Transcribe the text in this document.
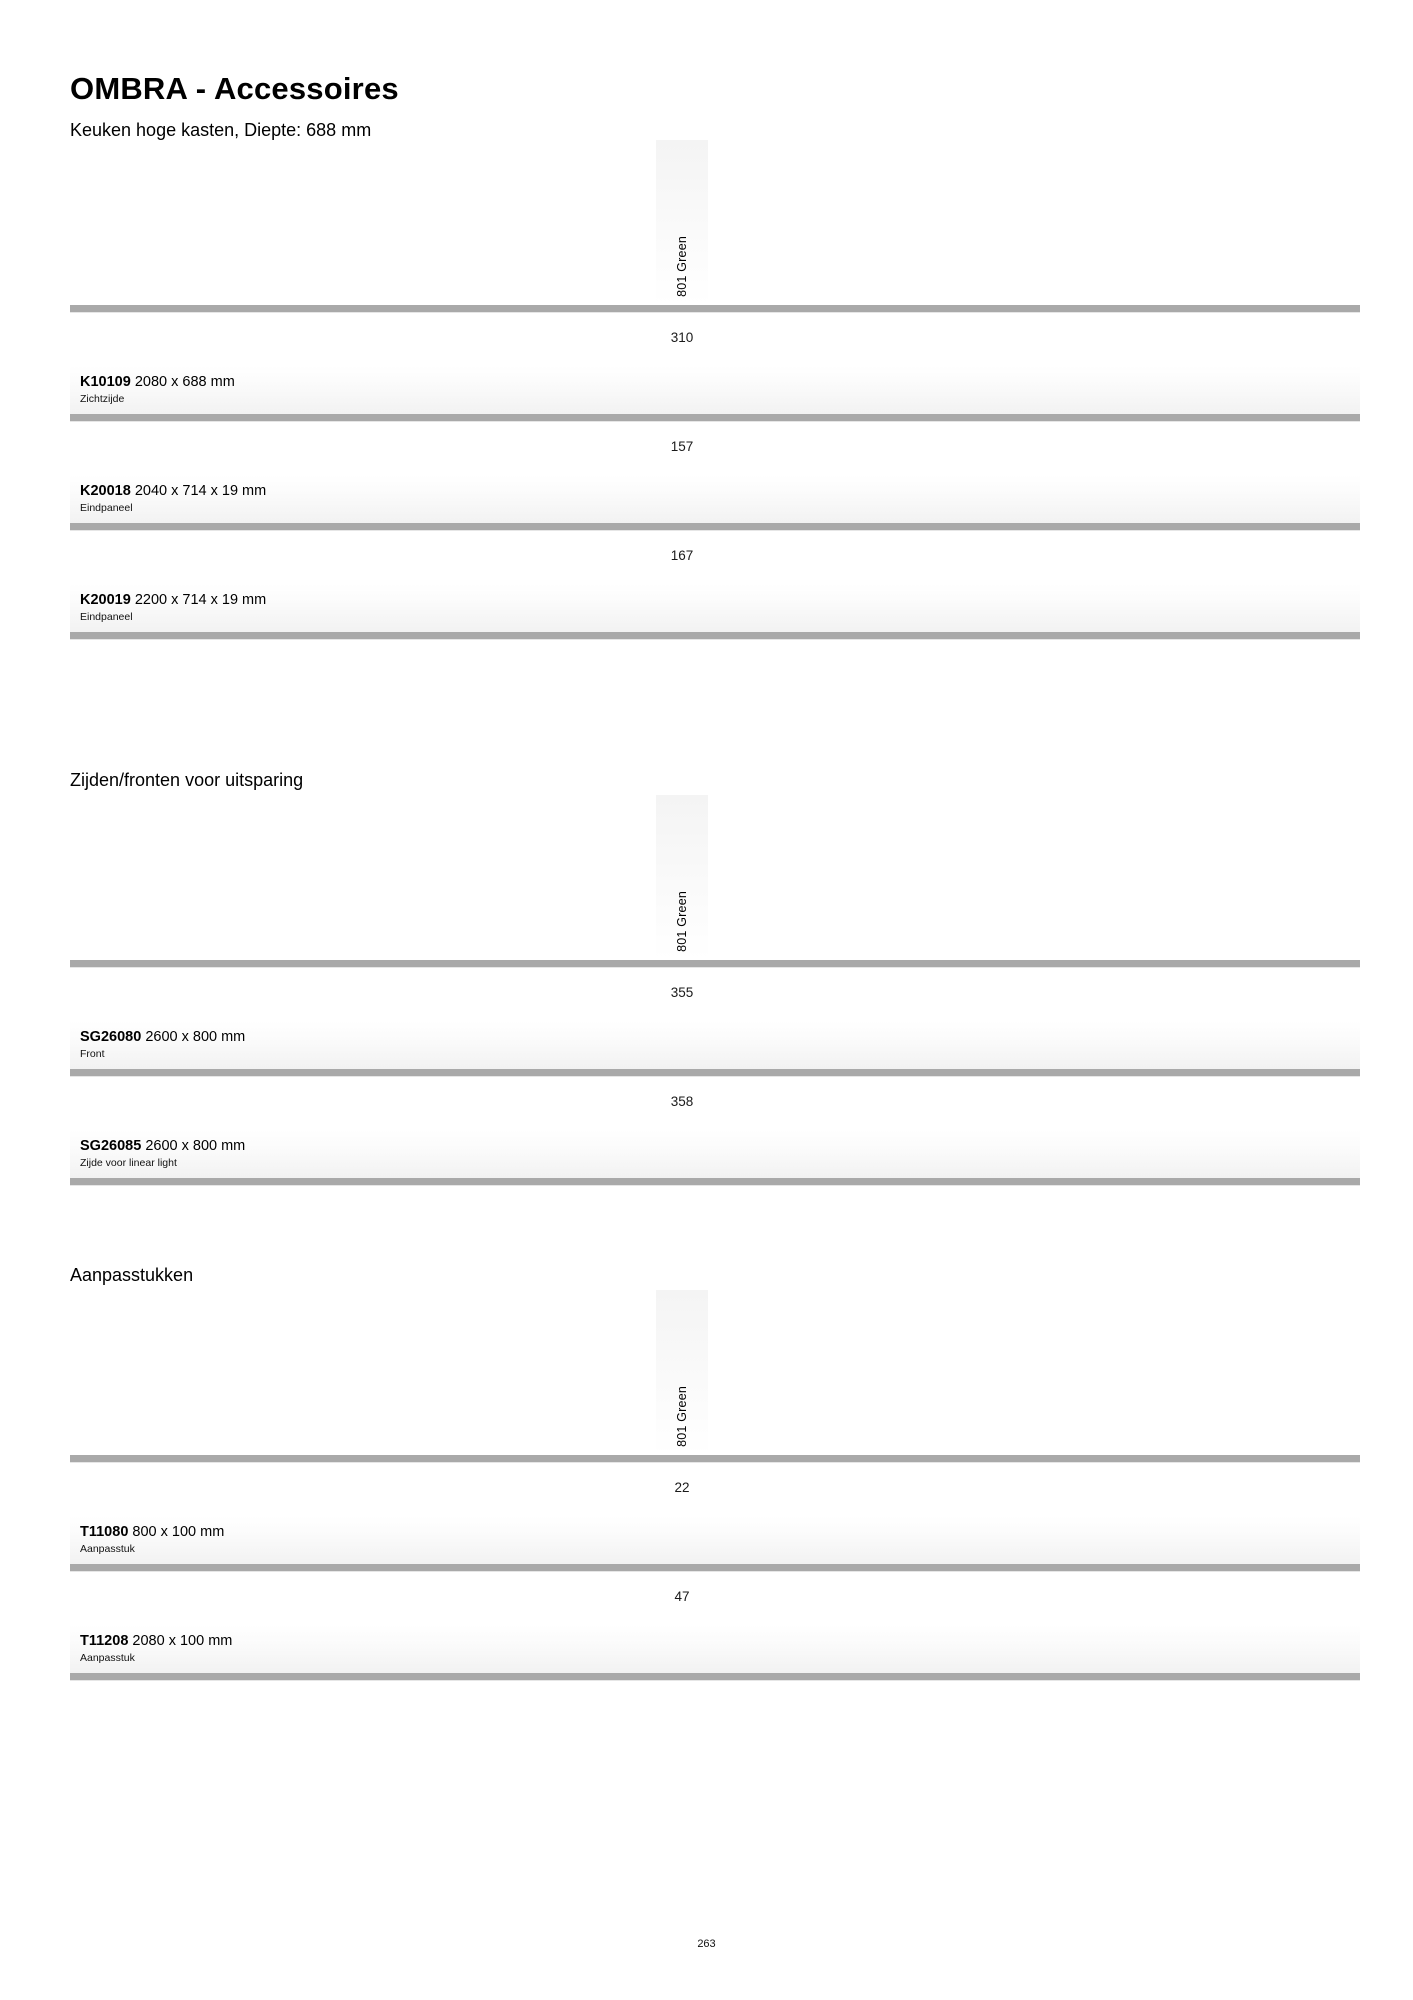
OMBRA - Accessoires
Keuken hoge kasten, Diepte: 688 mm
801 Green
310
K10109 2080 x 688 mm
Zichtzijde
157
K20018 2040 x 714 x 19 mm
Eindpaneel
167
K20019 2200 x 714 x 19 mm
Eindpaneel
Zijden/fronten voor uitsparing
801 Green
355
SG26080 2600 x 800 mm
Front
358
SG26085 2600 x 800 mm
Zijde voor linear light
Aanpasstukken
801 Green
22
T11080 800 x 100 mm
Aanpasstuk
47
T11208 2080 x 100 mm
Aanpasstuk
263
